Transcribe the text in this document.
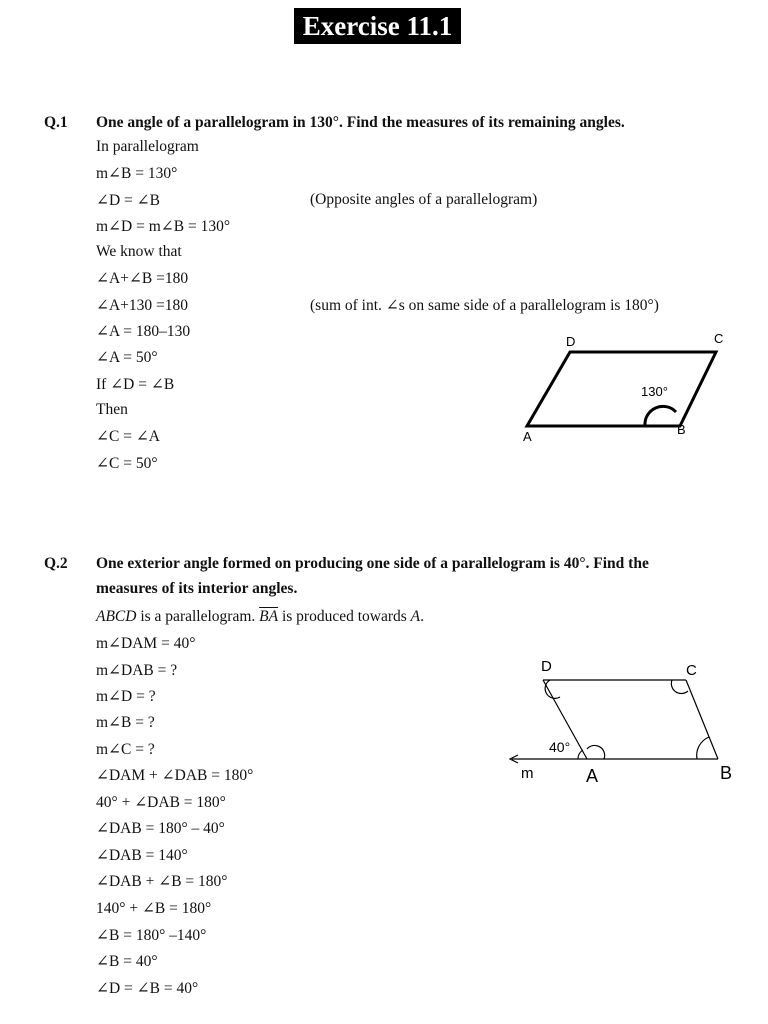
Exercise 11.1
Q.1 One angle of a parallelogram in 130°. Find the measures of its remaining angles.
In parallelogram
m∠B = 130°
∠D = ∠B	(Opposite angles of a parallelogram)
m∠D = m∠B = 130°
We know that
∠A+∠B =180
∠A+130 =180	(sum of int. ∠s on same side of a parallelogram is 180°)
∠A = 180–130
∠A = 50°
If ∠D = ∠B
Then
∠C = ∠A
∠C = 50°
D	C
A	B
130°
D	C
40°
m	A	B
Q.2 One exterior angle formed on producing one side of a parallelogram is 40°. Find the
measures of its interior angles.
ABCD is a parallelogram. $\overline{BA}$ is produced towards A.
m∠DAM = 40°
m∠DAB = ?
m∠D = ?
m∠B = ?
m∠C = ?
∠DAM + ∠DAB = 180°
40° + ∠DAB = 180°
∠DAB = 180° – 40°
∠DAB = 140°
∠DAB + ∠B = 180°
140° + ∠B = 180°
∠B = 180° –140°
∠B = 40°
∠D = ∠B = 40°
